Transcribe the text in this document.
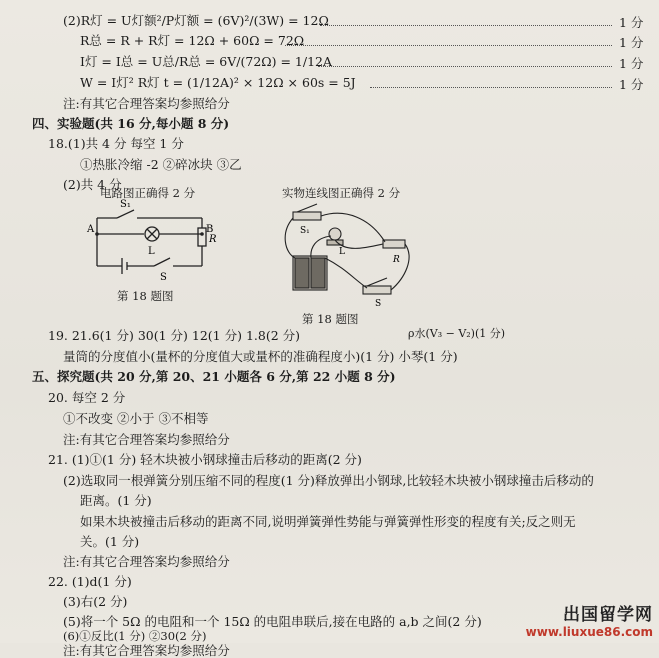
(2)R灯 = U灯额²/P灯额 = (6V)²/(3W) = 12Ω	1 分
R总 = R + R灯 = 12Ω + 60Ω = 72Ω	1 分
I灯 = I总 = U总/R总 = 6V/(72Ω) = 1/12A	1 分
W = I灯² R灯 t = (1/12A)² × 12Ω × 60s = 5J	1 分
注:有其它合理答案均参照给分
四、实验题(共 16 分,每小题 8 分)
18.(1)共 4 分 每空 1 分
①热胀冷缩 -2 ②碎冰块 ③乙
(2)共 4 分
电路图正确得 2 分	实物连线图正确得 2 分
S₁
A	B
L
R
S
第 18 题图
S₁
L
R
S
第 18 题图
19. 21.6(1 分) 30(1 分) 12(1 分) 1.8(2 分)	ρ水(V₃ − V₂)(1 分)
量筒的分度值小(量杯的分度值大或量杯的准确程度小)(1 分) 小琴(1 分)
五、探究题(共 20 分,第 20、21 小题各 6 分,第 22 小题 8 分)
20. 每空 2 分
①不改变 ②小于 ③不相等
注:有其它合理答案均参照给分
21. (1)①(1 分) 轻木块被小钢球撞击后移动的距离(2 分)
(2)选取同一根弹簧分别压缩不同的程度(1 分)释放弹出小钢球,比较轻木块被小钢球撞击后移动的
距离。(1 分)
如果木块被撞击后移动的距离不同,说明弹簧弹性势能与弹簧弹性形变的程度有关;反之则无
关。(1 分)
注:有其它合理答案均参照给分
22. (1)d(1 分)
(3)右(2 分)
(5)将一个 5Ω 的电阻和一个 15Ω 的电阻串联后,接在电路的 a,b 之间(2 分)
(6)①反比(1 分) ②30(2 分)
注:有其它合理答案均参照给分
出国留学网
www.liuxue86.com
